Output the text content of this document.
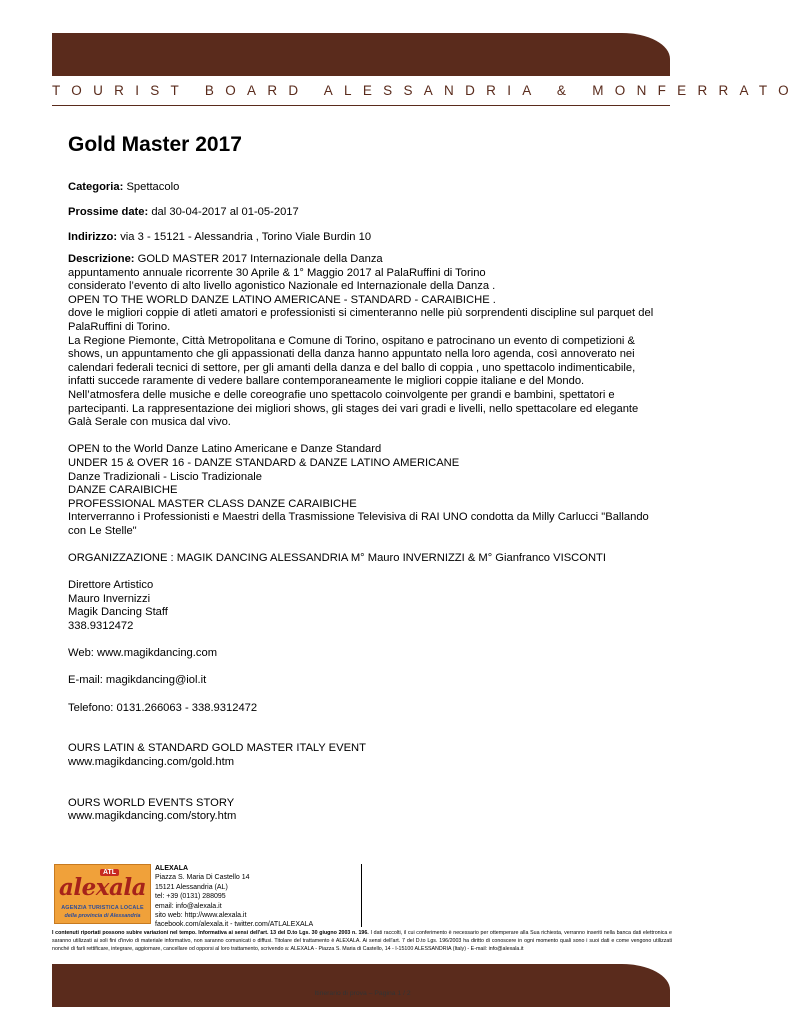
TOURIST BOARD ALESSANDRIA & MONFERRATO
Gold Master 2017
Categoria: Spettacolo
Prossime date: dal 30-04-2017 al 01-05-2017
Indirizzo: via 3 - 15121 - Alessandria , Torino Viale Burdin 10

Descrizione: GOLD MASTER 2017 Internazionale della Danza

appuntamento annuale ricorrente 30 Aprile & 1° Maggio 2017 al PalaRuffini di Torino

considerato l’evento di alto livello agonistico Nazionale ed Internazionale della Danza .

OPEN TO THE WORLD DANZE LATINO AMERICANE - STANDARD - CARAIBICHE .

dove le migliori coppie di atleti amatori e professionisti si cimenteranno nelle più sorprendenti discipline sul parquet del PalaRuffini di Torino.

La Regione Piemonte, Città Metropolitana e Comune di Torino, ospitano e patrocinano un evento di competizioni & shows, un appuntamento che gli appassionati della danza hanno appuntato nella loro agenda, così annoverato nei calendari federali tecnici di settore, per gli amanti della danza e del ballo di coppia , uno spettacolo indimenticabile, infatti succede raramente di vedere ballare contemporaneamente le migliori coppie italiane e del Mondo. Nell’atmosfera delle musiche e delle coreografie uno spettacolo coinvolgente per grandi e bambini, spettatori e partecipanti. La rappresentazione dei migliori shows, gli stages dei vari gradi e livelli, nello spettacolare ed elegante Galà Serale con musica dal vivo.

OPEN to the World Danze Latino Americane e Danze Standard

UNDER 15 & OVER 16 - DANZE STANDARD & DANZE LATINO AMERICANE

Danze Tradizionali - Liscio Tradizionale

DANZE CARAIBICHE

PROFESSIONAL MASTER CLASS DANZE CARAIBICHE

Interverranno i Professionisti e Maestri della Trasmissione Televisiva di RAI UNO condotta da Milly Carlucci "Ballando con Le Stelle"

ORGANIZZAZIONE : MAGIK DANCING ALESSANDRIA M° Mauro INVERNIZZI & M° Gianfranco VISCONTI

Direttore Artistico

Mauro Invernizzi

Magik Dancing Staff

338.9312472

Web: www.magikdancing.com

E-mail: magikdancing@iol.it

Telefono: 0131.266063 - 338.9312472

OURS LATIN & STANDARD GOLD MASTER ITALY EVENT

www.magikdancing.com/gold.htm

OURS WORLD EVENTS STORY

www.magikdancing.com/story.htm

ATL
alexala
AGENZIA TURISTICA LOCALE
della provincia di Alessandria
ALEXALA
Piazza S. Maria Di Castello 14
15121 Alessandria (AL)
tel: +39 (0131) 288095
email: info@alexala.it
sito web: http://www.alexala.it
facebook.com/alexala.it - twitter.com/ATLALEXALA
I contenuti riportati possono subire variazioni nel tempo. Informativa ai sensi dell'art. 13 del D.to Lgs. 30 giugno 2003 n. 196. I dati raccolti, il cui conferimento è necessario per ottemperare alla Sua richiesta, verranno inseriti nella banca dati elettronica e saranno utilizzati ai soli fini d'invio di materiale informativo, non saranno comunicati o diffusi. Titolare del trattamento è ALEXALA. Ai sensi dell'art. 7 del D.to Lgs. 196/2003 ha diritto di conoscere in ogni momento quali sono i suoi dati e come vengono utilizzati nonché di farli rettificare, integrare, aggiornare, cancellare od opporsi al loro trattamento, scrivendo a: ALEXALA - Piazza S. Maria di Castello, 14 - I-15100 ALESSANDRIA (Italy) - E-mail: info@alexala.it
Itinerario di prova – Pagina 1 / 2
